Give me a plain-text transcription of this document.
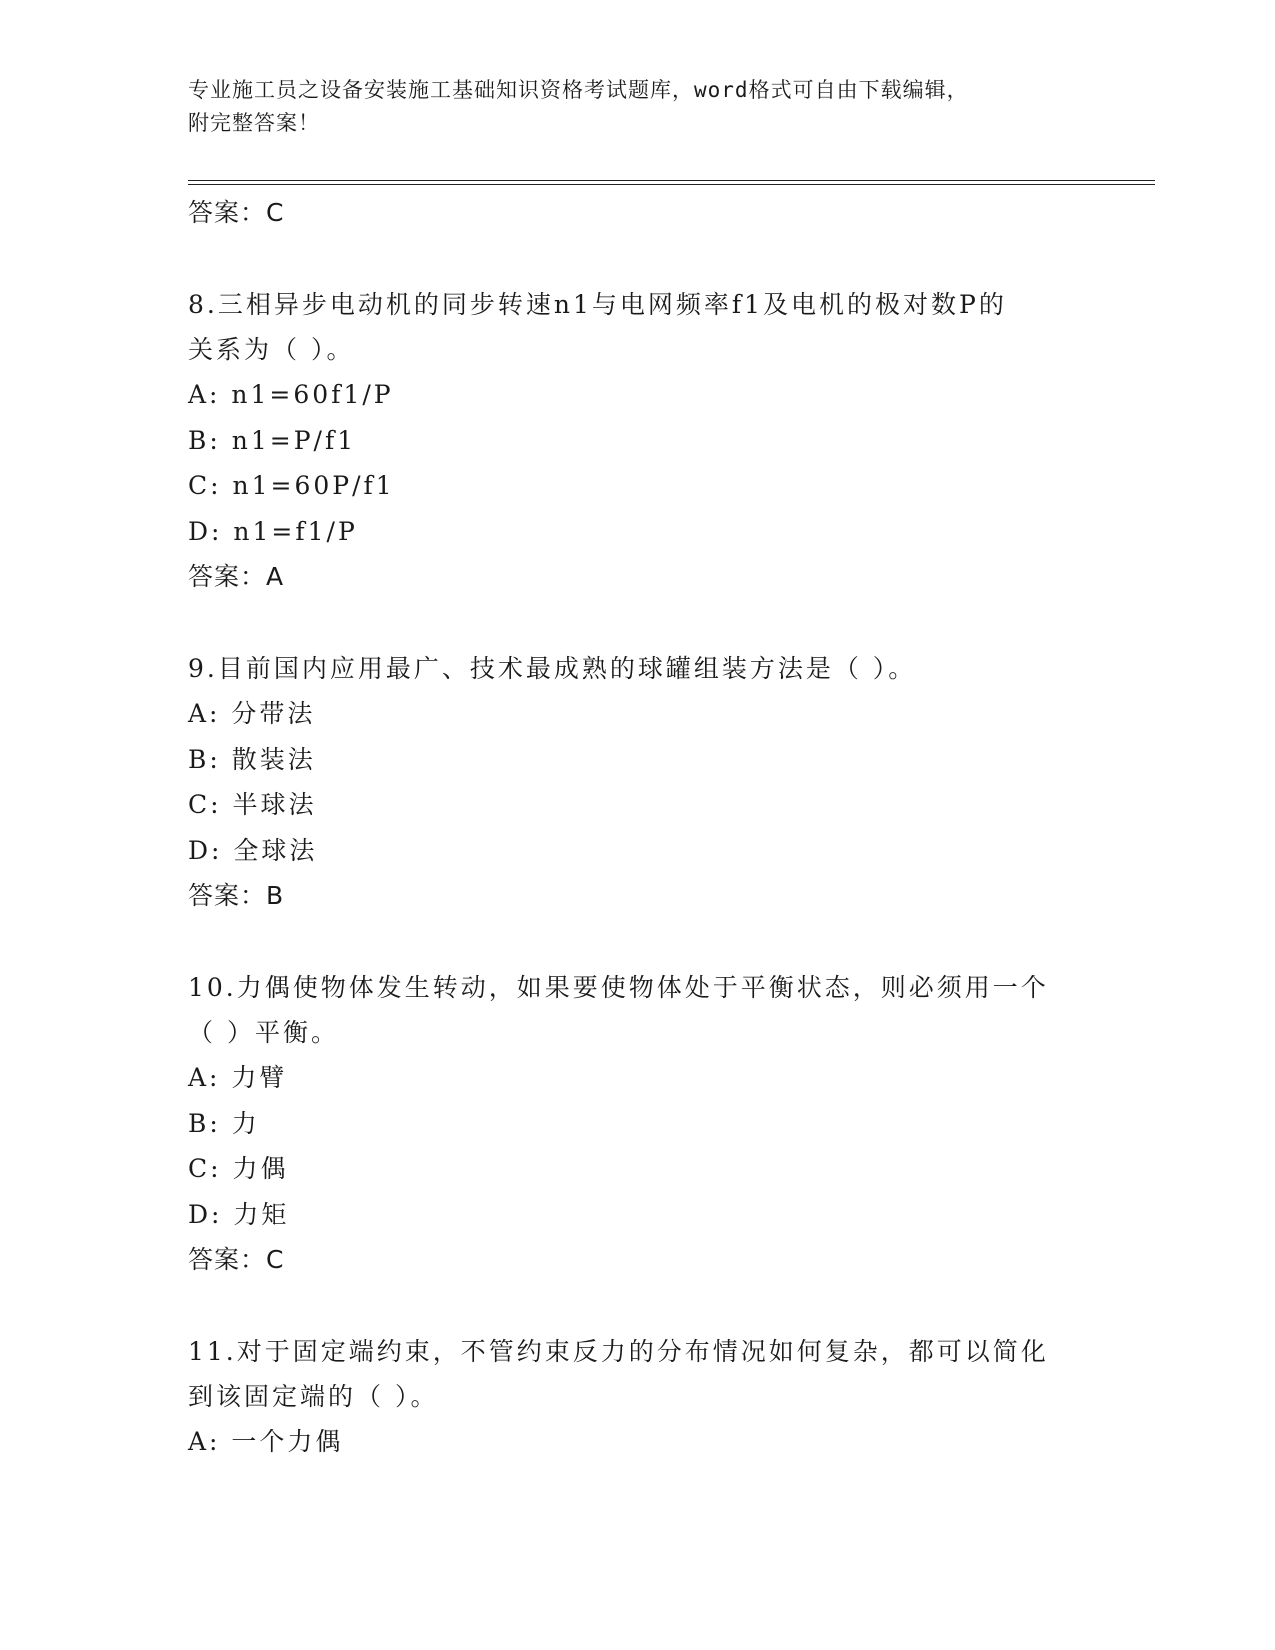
专业施工员之设备安装施工基础知识资格考试题库，word格式可自由下载编辑，
附完整答案！
答案：C
8.三相异步电动机的同步转速n1与电网频率f1及电机的极对数P的
关系为（ ）。
A: n1=60f1/P
B: n1=P/f1
C: n1=60P/f1
D: n1=f1/P
答案：A
9.目前国内应用最广、技术最成熟的球罐组装方法是（ ）。
A: 分带法
B: 散装法
C: 半球法
D: 全球法
答案：B
10.力偶使物体发生转动，如果要使物体处于平衡状态，则必须用一个
（ ）平衡。
A: 力臂
B: 力
C: 力偶
D: 力矩
答案：C
11.对于固定端约束，不管约束反力的分布情况如何复杂，都可以简化
到该固定端的（ ）。
A: 一个力偶
